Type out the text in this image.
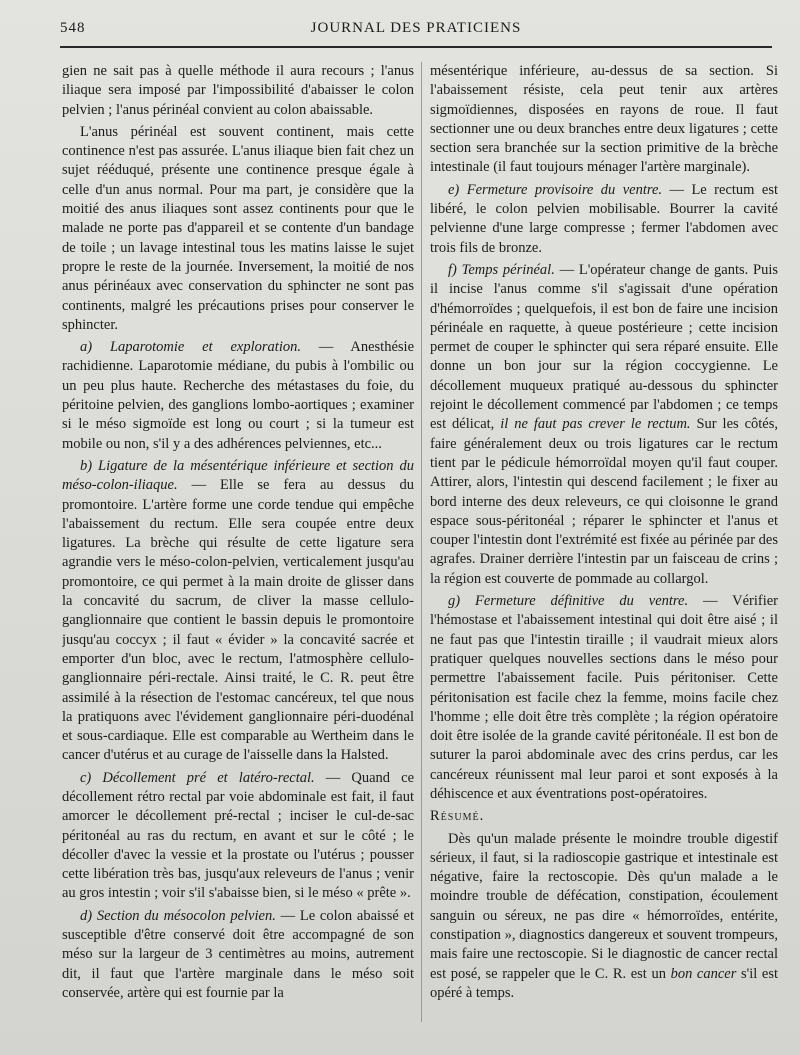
548	JOURNAL DES PRATICIENS

gien ne sait pas à quelle méthode il aura recours ; l'anus iliaque sera imposé par l'impossibilité d'abaisser le colon pelvien ; l'anus périnéal convient au colon abaissable.

L'anus périnéal est souvent continent, mais cette continence n'est pas assurée. L'anus iliaque bien fait chez un sujet rééduqué, présente une continence presque égale à celle d'un anus normal. Pour ma part, je considère que la moitié des anus iliaques sont assez continents pour que le malade ne porte pas d'appareil et se contente d'un bandage de toile ; un lavage intestinal tous les matins laisse le sujet propre le reste de la journée. Inversement, la moitié de nos anus périnéaux avec conservation du sphincter ne sont pas continents, malgré les précautions prises pour conserver le sphincter.

a) Laparotomie et exploration. — Anesthésie rachidienne. Laparotomie médiane, du pubis à l'ombilic ou un peu plus haute. Recherche des métastases du foie, du péritoine pelvien, des ganglions lombo-aortiques ; examiner si le méso sigmoïde est long ou court ; si la tumeur est mobile ou non, s'il y a des adhérences pelviennes, etc...

b) Ligature de la mésentérique inférieure et section du méso-colon-iliaque. — Elle se fera au dessus du promontoire. L'artère forme une corde tendue qui empêche l'abaissement du rectum. Elle sera coupée entre deux ligatures. La brèche qui résulte de cette ligature sera agrandie vers le méso-colon-pelvien, verticalement jusqu'au promontoire, ce qui permet à la main droite de glisser dans la concavité du sacrum, de cliver la masse cellulo-ganglionnaire que contient le bassin depuis le promontoire jusqu'au coccyx ; il faut « évider » la concavité sacrée et emporter d'un bloc, avec le rectum, l'atmosphère cellulo-ganglionnaire péri-rectale. Ainsi traité, le C. R. peut être assimilé à la résection de l'estomac cancéreux, tel que nous la pratiquons avec l'évidement ganglionnaire péri-duodénal et sous-cardiaque. Elle est comparable au Wertheim dans le cancer d'utérus et au curage de l'aisselle dans la Halsted.

c) Décollement pré et latéro-rectal. — Quand ce décollement rétro rectal par voie abdominale est fait, il faut amorcer le décollement pré-rectal ; inciser le cul-de-sac péritonéal au ras du rectum, en avant et sur le côté ; le décoller d'avec la vessie et la prostate ou l'utérus ; pousser cette libération très bas, jusqu'aux releveurs de l'anus ; venir au gros intestin ; voir s'il s'abaisse bien, si le méso « prête ».

d) Section du mésocolon pelvien. — Le colon abaissé et susceptible d'être conservé doit être accompagné de son méso sur la largeur de 3 centimètres au moins, autrement dit, il faut que l'artère marginale dans le méso soit conservée, artère qui est fournie par la

mésentérique inférieure, au-dessus de sa section. Si l'abaissement résiste, cela peut tenir aux artères sigmoïdiennes, disposées en rayons de roue. Il faut sectionner une ou deux branches entre deux ligatures ; cette section sera branchée sur la section primitive de la brèche intestinale (il faut toujours ménager l'artère marginale).

e) Fermeture provisoire du ventre. — Le rectum est libéré, le colon pelvien mobilisable. Bourrer la cavité pelvienne d'une large compresse ; fermer l'abdomen avec trois fils de bronze.

f) Temps périnéal. — L'opérateur change de gants. Puis il incise l'anus comme s'il s'agissait d'une opération d'hémorroïdes ; quelquefois, il est bon de faire une incision périnéale en raquette, à queue postérieure ; cette incision permet de couper le sphincter qui sera réparé ensuite. Elle donne un bon jour sur la région coccygienne. Le décollement muqueux pratiqué au-dessous du sphincter rejoint le décollement commencé par l'abdomen ; ce temps est délicat, il ne faut pas crever le rectum. Sur les côtés, faire généralement deux ou trois ligatures car le rectum tient par le pédicule hémorroïdal moyen qu'il faut couper. Attirer, alors, l'intestin qui descend facilement ; le fixer au bord interne des deux releveurs, ce qui cloisonne le grand espace sous-péritonéal ; réparer le sphincter et l'anus et couper l'intestin dont l'extrémité est fixée au périnée par des agrafes. Drainer derrière l'intestin par un faisceau de crins ; la région est couverte de pommade au collargol.

g) Fermeture définitive du ventre. — Vérifier l'hémostase et l'abaissement intestinal qui doit être aisé ; il ne faut pas que l'intestin tiraille ; il vaudrait mieux alors pratiquer quelques nouvelles sections dans le méso pour permettre l'abaissement facile. Puis péritoniser. Cette péritonisation est facile chez la femme, moins facile chez l'homme ; elle doit être très complète ; la région opératoire doit être isolée de la grande cavité péritonéale. Il est bon de suturer la paroi abdominale avec des crins perdus, car les cancéreux réunissent mal leur paroi et sont exposés à la déhiscence et aux éventrations post-opératoires.

Résumé.

Dès qu'un malade présente le moindre trouble digestif sérieux, il faut, si la radioscopie gastrique et intestinale est négative, faire la rectoscopie. Dès qu'un malade a le moindre trouble de défécation, constipation, écoulement sanguin ou séreux, ne pas dire « hémorroïdes, entérite, constipation », diagnostics dangereux et souvent trompeurs, mais faire une rectoscopie. Si le diagnostic de cancer rectal est posé, se rappeler que le C. R. est un bon cancer s'il est opéré à temps.
